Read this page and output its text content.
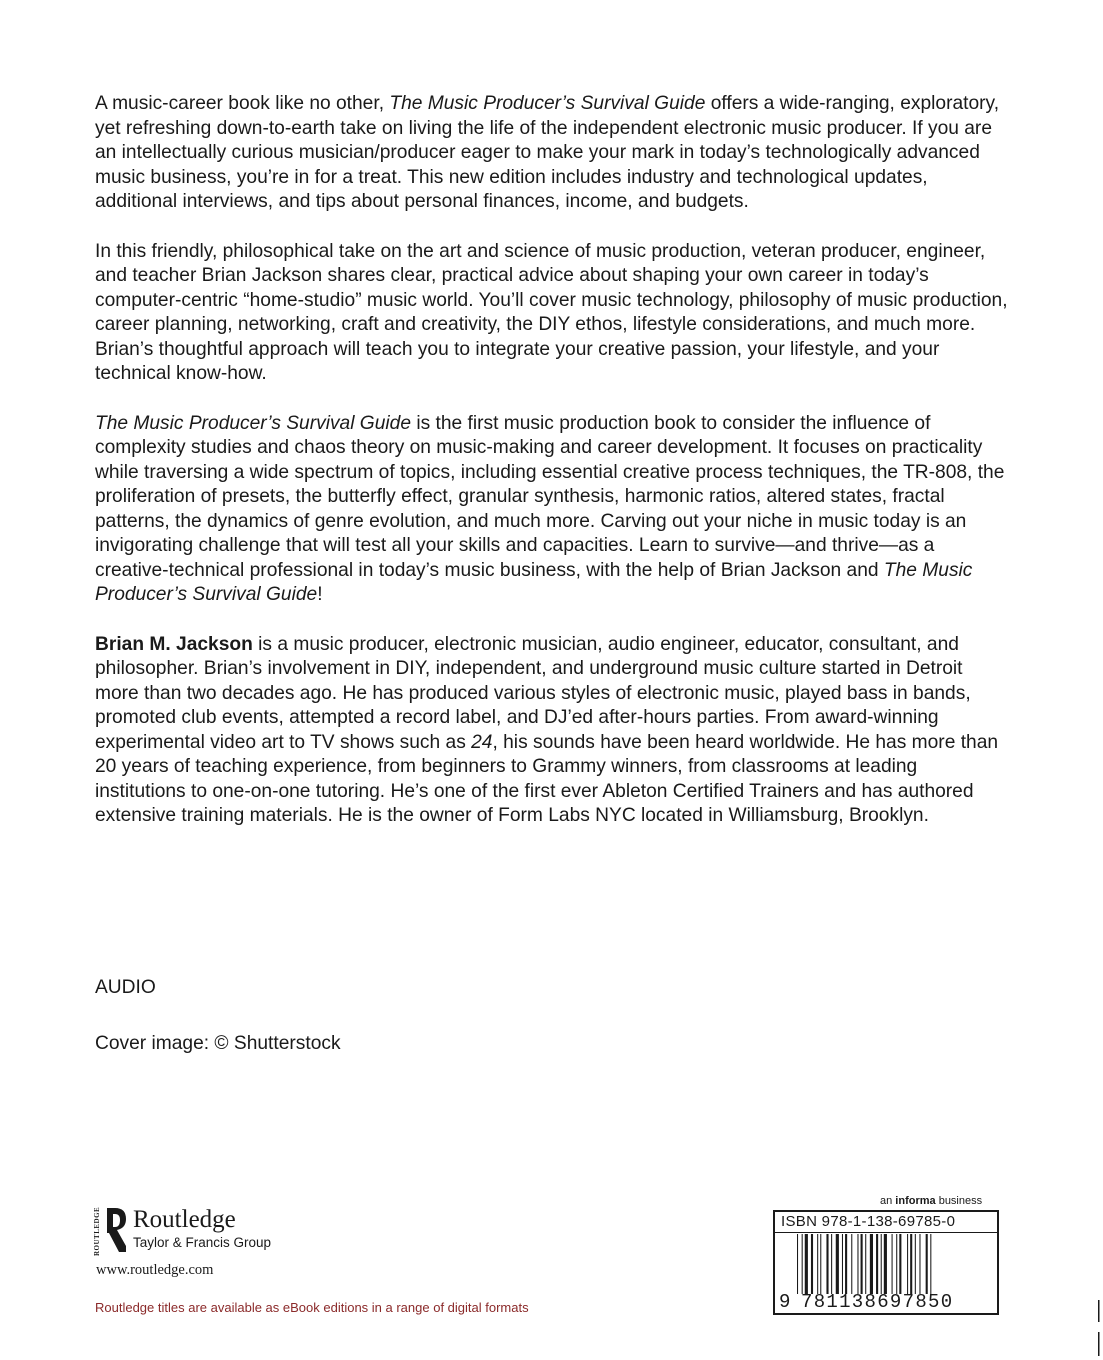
A music-career book like no other, The Music Producer’s Survival Guide offers a wide-ranging, exploratory, yet refreshing down-to-earth take on living the life of the independent electronic music producer. If you are an intellectually curious musician/producer eager to make your mark in today’s technologically advanced music business, you’re in for a treat. This new edition includes industry and technological updates, additional interviews, and tips about personal finances, income, and budgets.

In this friendly, philosophical take on the art and science of music production, veteran producer, engineer, and teacher Brian Jackson shares clear, practical advice about shaping your own career in today’s computer-centric “home-studio” music world. You’ll cover music technology, philosophy of music production, career planning, networking, craft and creativity, the DIY ethos, lifestyle considerations, and much more. Brian’s thoughtful approach will teach you to integrate your creative passion, your lifestyle, and your technical know-how.

The Music Producer’s Survival Guide is the first music production book to consider the influence of complexity studies and chaos theory on music-making and career development. It focuses on practicality while traversing a wide spectrum of topics, including essential creative process techniques, the TR-808, the proliferation of presets, the butterfly effect, granular synthesis, harmonic ratios, altered states, fractal patterns, the dynamics of genre evolution, and much more. Carving out your niche in music today is an invigorating challenge that will test all your skills and capacities. Learn to survive—and thrive—as a creative-technical professional in today’s music business, with the help of Brian Jackson and The Music Producer’s Survival Guide!

Brian M. Jackson is a music producer, electronic musician, audio engineer, educator, consultant, and philosopher. Brian’s involvement in DIY, independent, and underground music culture started in Detroit more than two decades ago. He has produced various styles of electronic music, played bass in bands, promoted club events, attempted a record label, and DJ’ed after-hours parties. From award-winning experimental video art to TV shows such as 24, his sounds have been heard worldwide. He has more than 20 years of teaching experience, from beginners to Grammy winners, from classrooms at leading institutions to one-on-one tutoring. He’s one of the first ever Ableton Certified Trainers and has authored extensive training materials. He is the owner of Form Labs NYC located in Williamsburg, Brooklyn.

AUDIO
Cover image: © Shutterstock
ROUTLEDGE Routledge
Taylor & Francis Group
www.routledge.com
Routledge titles are available as eBook editions in a range of digital formats
an informa business
ISBN 978-1-138-69785-0
9 781138697850
